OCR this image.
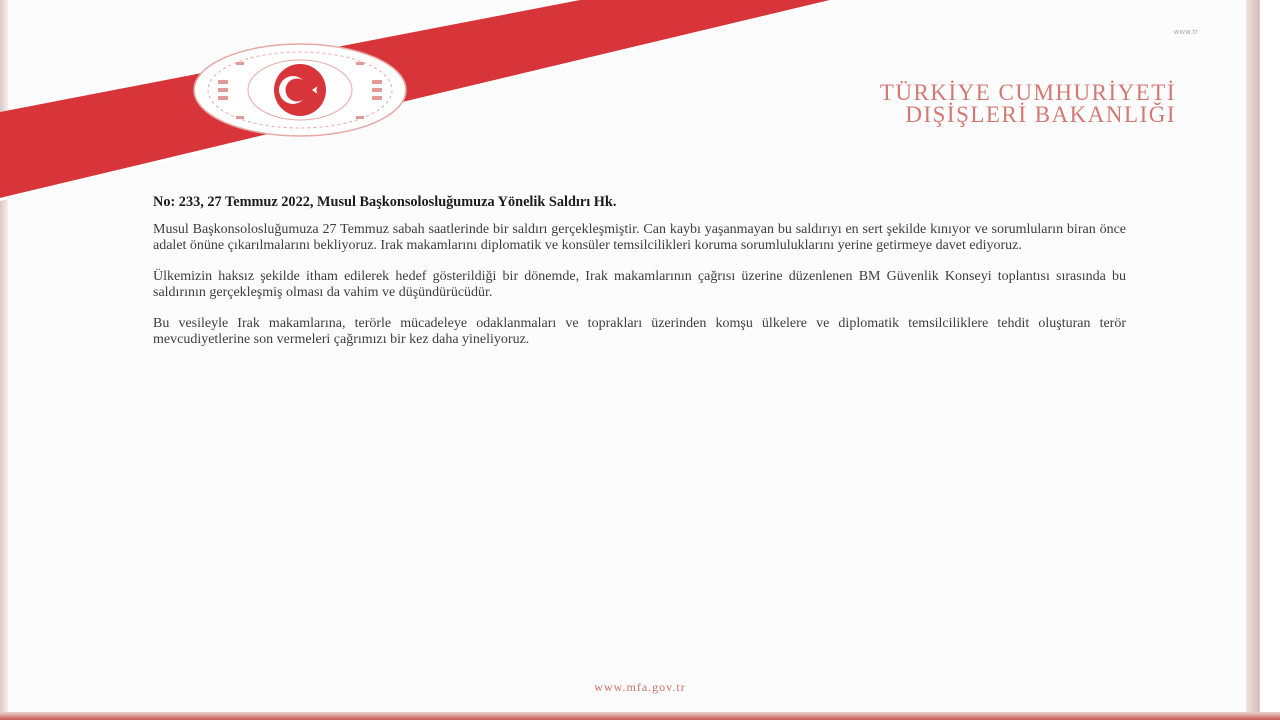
www.tr
TÜRKİYE CUMHURİYETİ
DIŞİŞLERİ BAKANLIĞI
No: 233, 27 Temmuz 2022, Musul Başkonsolosluğumuza Yönelik Saldırı Hk.

Musul Başkonsolosluğumuza 27 Temmuz sabah saatlerinde bir saldırı gerçekleşmiştir. Can kaybı yaşanmayan bu saldırıyı en sert şekilde kınıyor ve sorumluların biran önce adalet önüne çıkarılmalarını bekliyoruz. Irak makamlarını diplomatik ve konsüler temsilcilikleri koruma sorumluluklarını yerine getirmeye davet ediyoruz.

Ülkemizin haksız şekilde itham edilerek hedef gösterildiği bir dönemde, Irak makamlarının çağrısı üzerine düzenlenen BM Güvenlik Konseyi toplantısı sırasında bu saldırının gerçekleşmiş olması da vahim ve düşündürücüdür.

Bu vesileyle Irak makamlarına, terörle mücadeleye odaklanmaları ve toprakları üzerinden komşu ülkelere ve diplomatik temsilciliklere tehdit oluşturan terör mevcudiyetlerine son vermeleri çağrımızı bir kez daha yineliyoruz.

www.mfa.gov.tr
